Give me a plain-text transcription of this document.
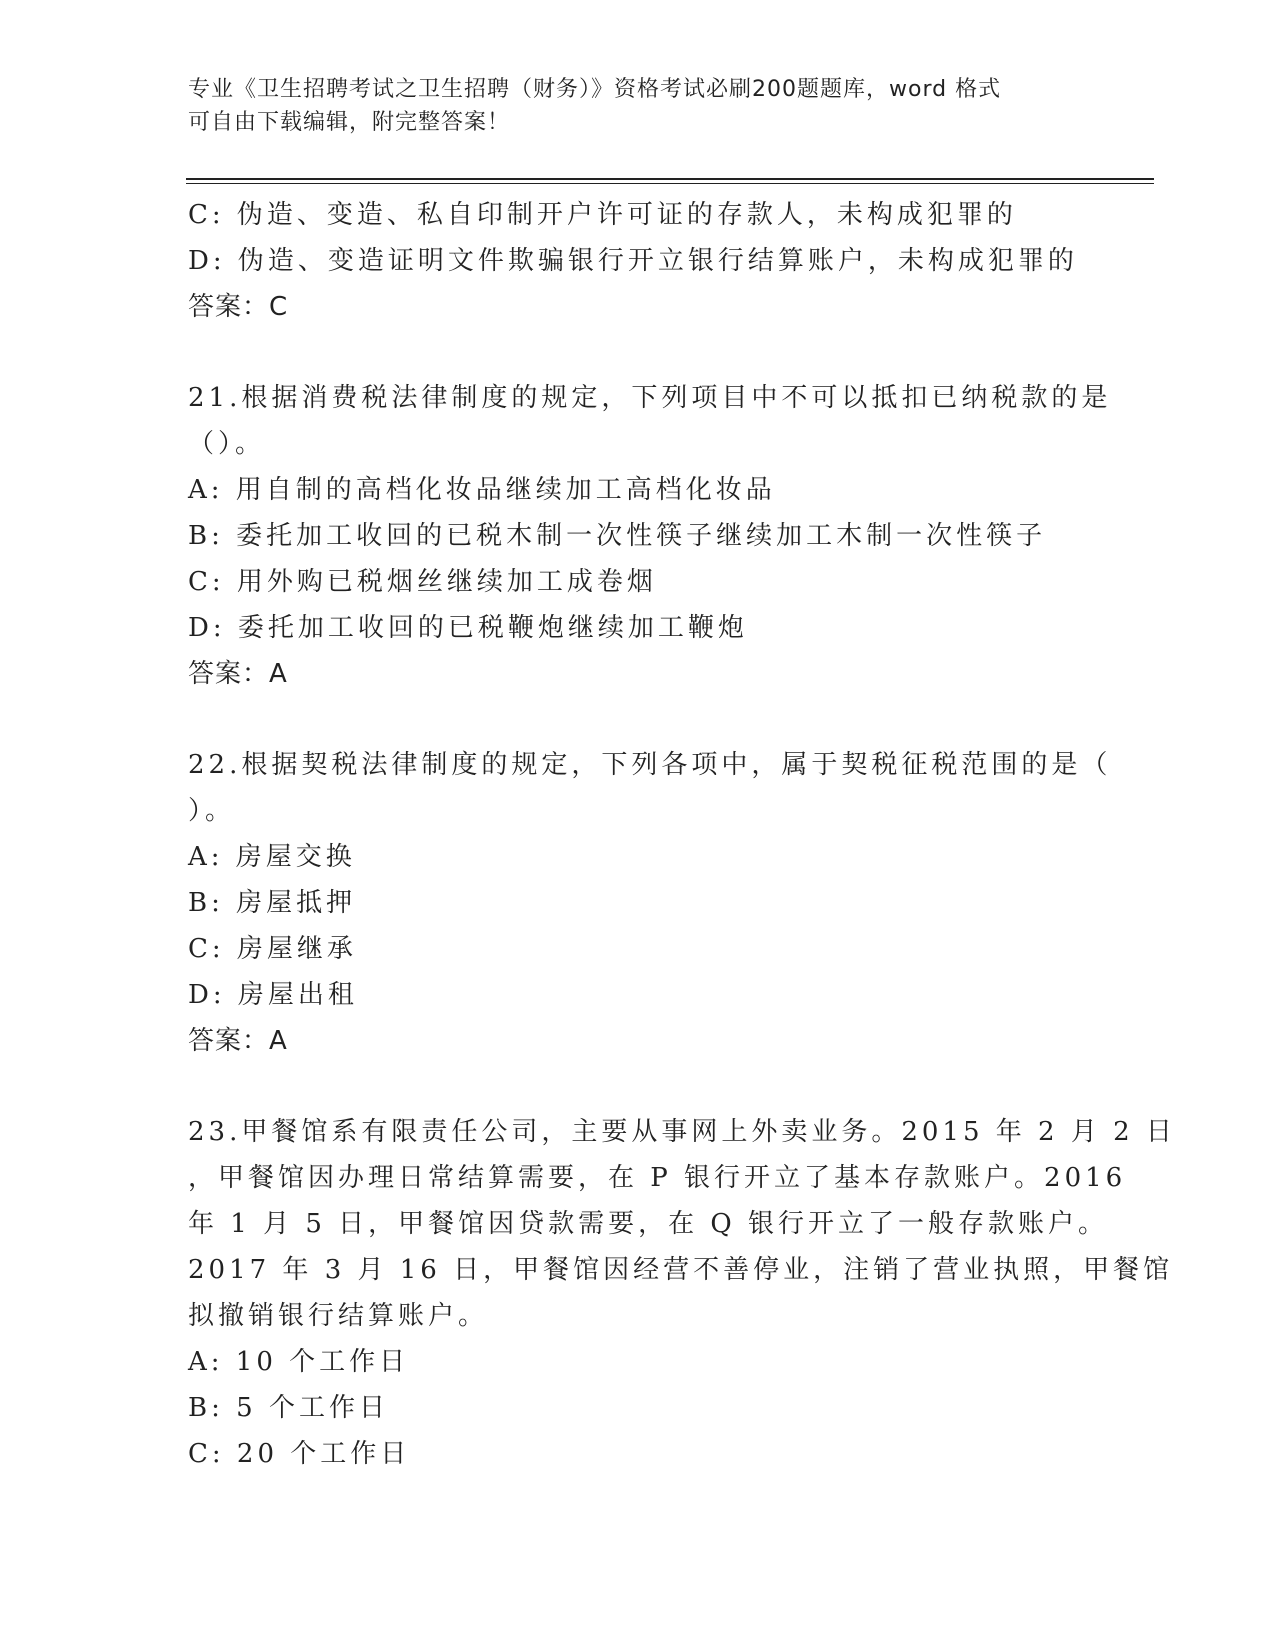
专业《卫生招聘考试之卫生招聘（财务）》资格考试必刷200题题库，word 格式
可自由下载编辑，附完整答案！
C: 伪造、变造、私自印制开户许可证的存款人，未构成犯罪的
D: 伪造、变造证明文件欺骗银行开立银行结算账户，未构成犯罪的
答案：C
21.根据消费税法律制度的规定，下列项目中不可以抵扣已纳税款的是
（）。
A: 用自制的高档化妆品继续加工高档化妆品
B: 委托加工收回的已税木制一次性筷子继续加工木制一次性筷子
C: 用外购已税烟丝继续加工成卷烟
D: 委托加工收回的已税鞭炮继续加工鞭炮
答案：A
22.根据契税法律制度的规定，下列各项中，属于契税征税范围的是（
）。
A: 房屋交换
B: 房屋抵押
C: 房屋继承
D: 房屋出租
答案：A
23.甲餐馆系有限责任公司，主要从事网上外卖业务。2015 年 2 月 2 日
，甲餐馆因办理日常结算需要，在 P 银行开立了基本存款账户。2016
年 1 月 5 日，甲餐馆因贷款需要，在 Q 银行开立了一般存款账户。
2017 年 3 月 16 日，甲餐馆因经营不善停业，注销了营业执照，甲餐馆
拟撤销银行结算账户。
A: 10 个工作日
B: 5 个工作日
C: 20 个工作日
